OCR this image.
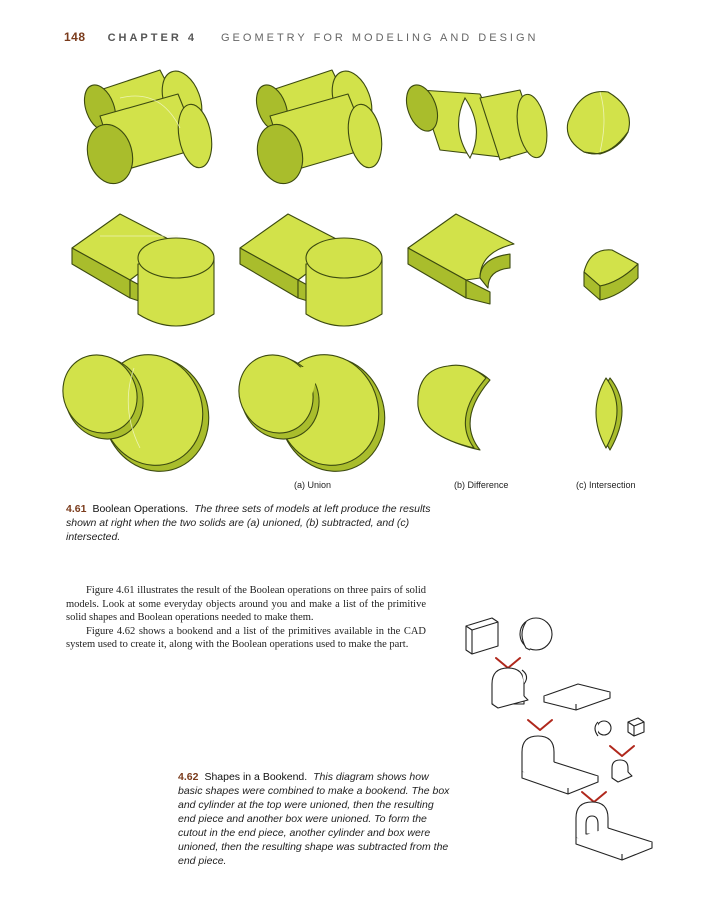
148 CHAPTER 4 GEOMETRY FOR MODELING AND DESIGN
(a) Union	(b) Difference	(c) Intersection
4.61 Boolean Operations. The three sets of models at left produce the results shown at right when the two solids are (a) unioned, (b) subtracted, and (c) intersected.

Figure 4.61 illustrates the result of the Boolean operations on three pairs of solid models. Look at some everyday objects around you and make a list of the primitive solid shapes and Boolean operations needed to make them.

Figure 4.62 shows a bookend and a list of the primitives available in the CAD system used to create it, along with the Boolean operations used to make the part.

4.62 Shapes in a Bookend. This diagram shows how basic shapes were combined to make a bookend. The box and cylinder at the top were unioned, then the resulting end piece and another box were unioned. To form the cutout in the end piece, another cylinder and box were unioned, then the resulting shape was subtracted from the end piece.
